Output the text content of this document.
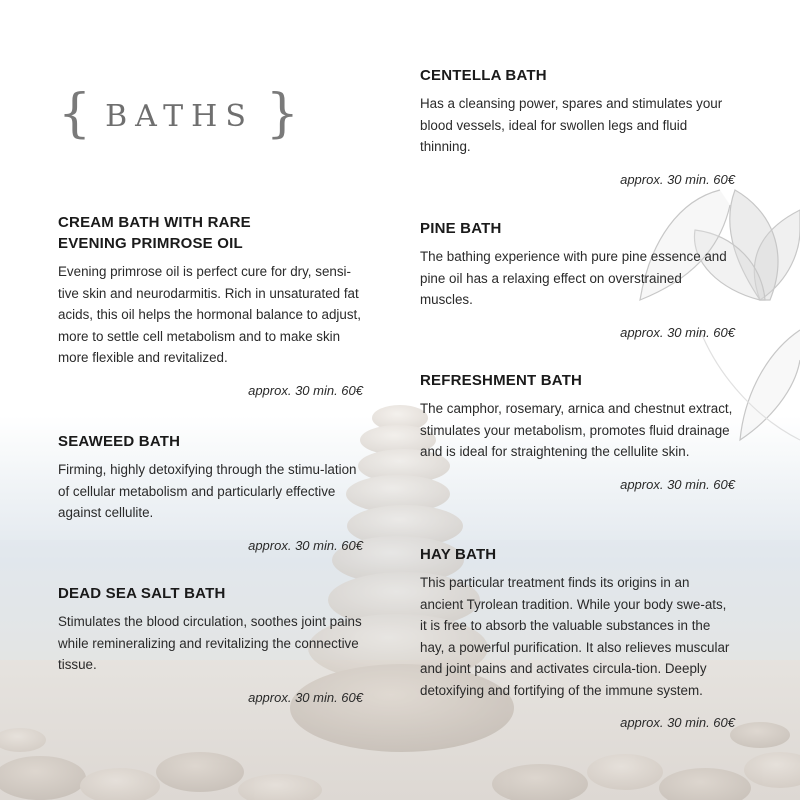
{ BATHS }
CREAM BATH WITH RARE
EVENING PRIMROSE OIL

Evening primrose oil is perfect cure for dry, sensi-tive skin and neurodarmitis. Rich in unsaturated fat acids, this oil helps the hormonal balance to adjust, more to settle cell metabolism and to make skin more flexible and revitalized.

approx. 30 min. 60€
SEAWEED BATH

Firming, highly detoxifying through the stimu-lation of cellular metabolism and particularly effective against cellulite.

approx. 30 min. 60€
DEAD SEA SALT BATH

Stimulates the blood circulation, soothes joint pains while remineralizing and revitalizing the connective tissue.

approx. 30 min. 60€
CENTELLA BATH

Has a cleansing power, spares and stimulates your blood vessels, ideal for swollen legs and fluid thinning.

approx. 30 min. 60€
PINE BATH

The bathing experience with pure pine essence and pine oil has a relaxing effect on overstrained muscles.

approx. 30 min. 60€
REFRESHMENT BATH

The camphor, rosemary, arnica and chestnut extract, stimulates your metabolism, promotes fluid drainage and is ideal for straightening the cellulite skin.

approx. 30 min. 60€
HAY BATH

This particular treatment finds its origins in an ancient Tyrolean tradition. While your body swe-ats, it is free to absorb the valuable substances in the hay, a powerful purification. It also relieves muscular and joint pains and activates circula-tion. Deeply detoxifying and fortifying of the immune system.

approx. 30 min. 60€
